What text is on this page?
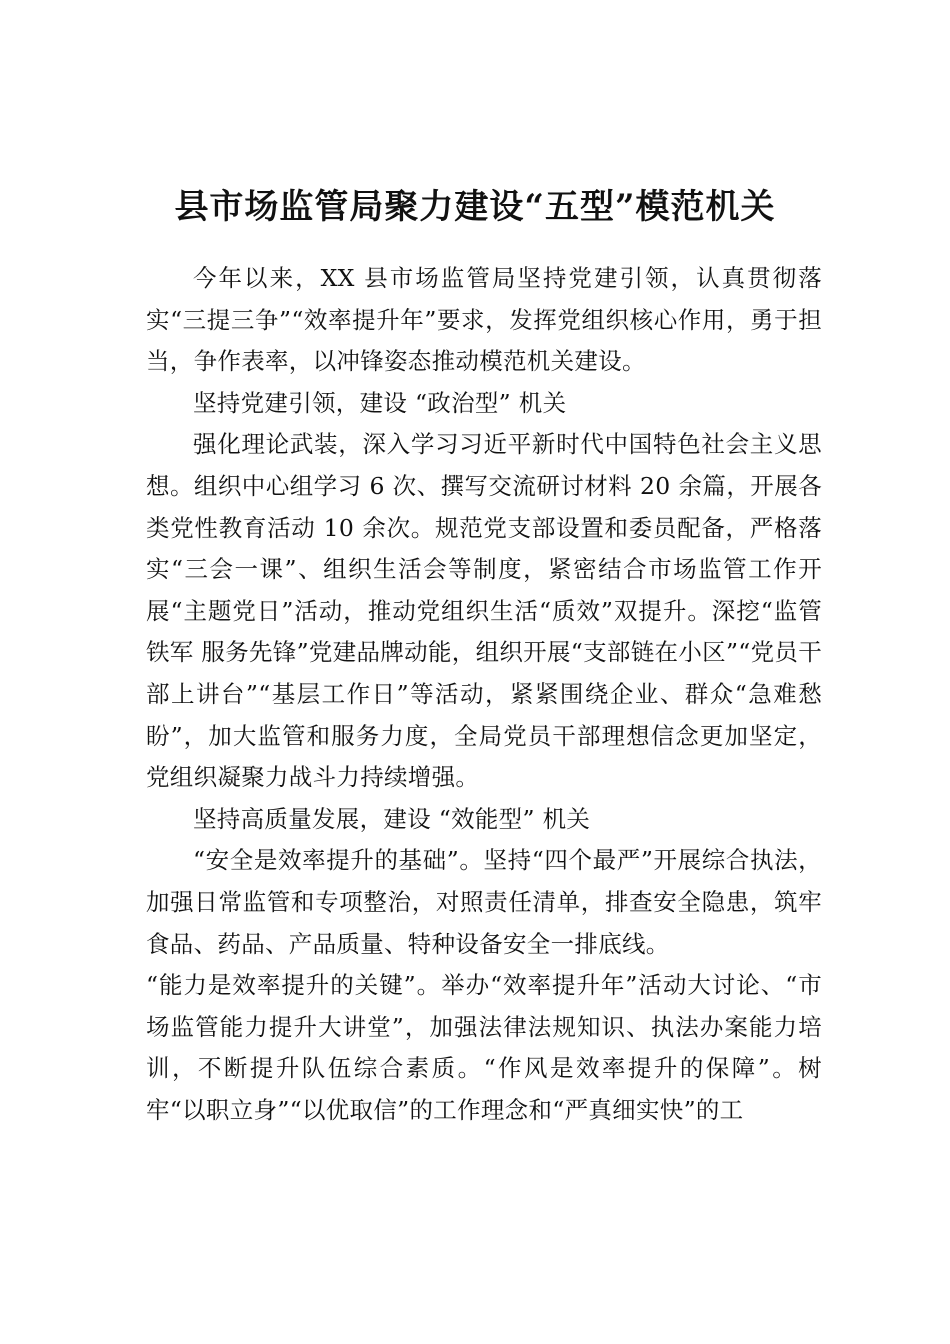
县市场监管局聚力建设“五型”模范机关

今年以来，XX 县市场监管局坚持党建引领，认真贯彻落实“三提三争”“效率提升年”要求，发挥党组织核心作用，勇于担当，争作表率，以冲锋姿态推动模范机关建设。

坚持党建引领，建设 “政治型” 机关

强化理论武装，深入学习习近平新时代中国特色社会主义思想。组织中心组学习 6 次、撰写交流研讨材料 20 余篇，开展各类党性教育活动 10 余次。规范党支部设置和委员配备，严格落实“三会一课”、组织生活会等制度，紧密结合市场监管工作开展“主题党日”活动，推动党组织生活“质效”双提升。深挖“监管铁军 服务先锋”党建品牌动能，组织开展“支部链在小区”“党员干部上讲台”“基层工作日”等活动，紧紧围绕企业、群众“急难愁盼”，加大监管和服务力度，全局党员干部理想信念更加坚定，党组织凝聚力战斗力持续增强。

坚持高质量发展，建设 “效能型” 机关

“安全是效率提升的基础”。坚持“四个最严”开展综合执法，加强日常监管和专项整治，对照责任清单，排查安全隐患，筑牢食品、药品、产品质量、特种设备安全一排底线。

“能力是效率提升的关键”。举办“效率提升年”活动大讨论、“市场监管能力提升大讲堂”，加强法律法规知识、执法办案能力培训，不断提升队伍综合素质。“作风是效率提升的保障”。树牢“以职立身”“以优取信”的工作理念和“严真细实快”的工
